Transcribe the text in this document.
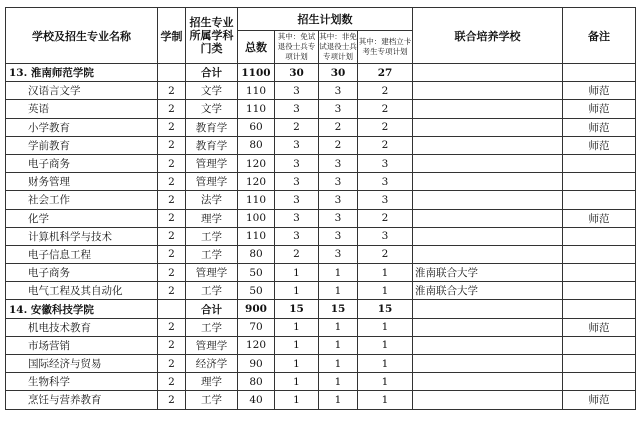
学校及招生专业名称	学制	招生专业所属学科门类	招生计划数				联合培养学校	备注
			总数	其中：免试退役士兵专项计划	其中：非免试退役士兵专项计划	其中：建档立卡考生专项计划		
13. 淮南师范学院		合计	1100	30	30	27		
汉语言文学	2	文学	110	3	3	2		师范
英语	2	文学	110	3	3	2		师范
小学教育	2	教育学	60	2	2	2		师范
学前教育	2	教育学	80	3	2	2		师范
电子商务	2	管理学	120	3	3	3		
财务管理	2	管理学	120	3	3	3		
社会工作	2	法学	110	3	3	3		
化学	2	理学	100	3	3	2		师范
计算机科学与技术	2	工学	110	3	3	3		
电子信息工程	2	工学	80	2	3	2		
电子商务	2	管理学	50	1	1	1	淮南联合大学	
电气工程及其自动化	2	工学	50	1	1	1	淮南联合大学	
14. 安徽科技学院		合计	900	15	15	15		
机电技术教育	2	工学	70	1	1	1		师范
市场营销	2	管理学	120	1	1	1		
国际经济与贸易	2	经济学	90	1	1	1		
生物科学	2	理学	80	1	1	1		
烹饪与营养教育	2	工学	40	1	1	1		师范
